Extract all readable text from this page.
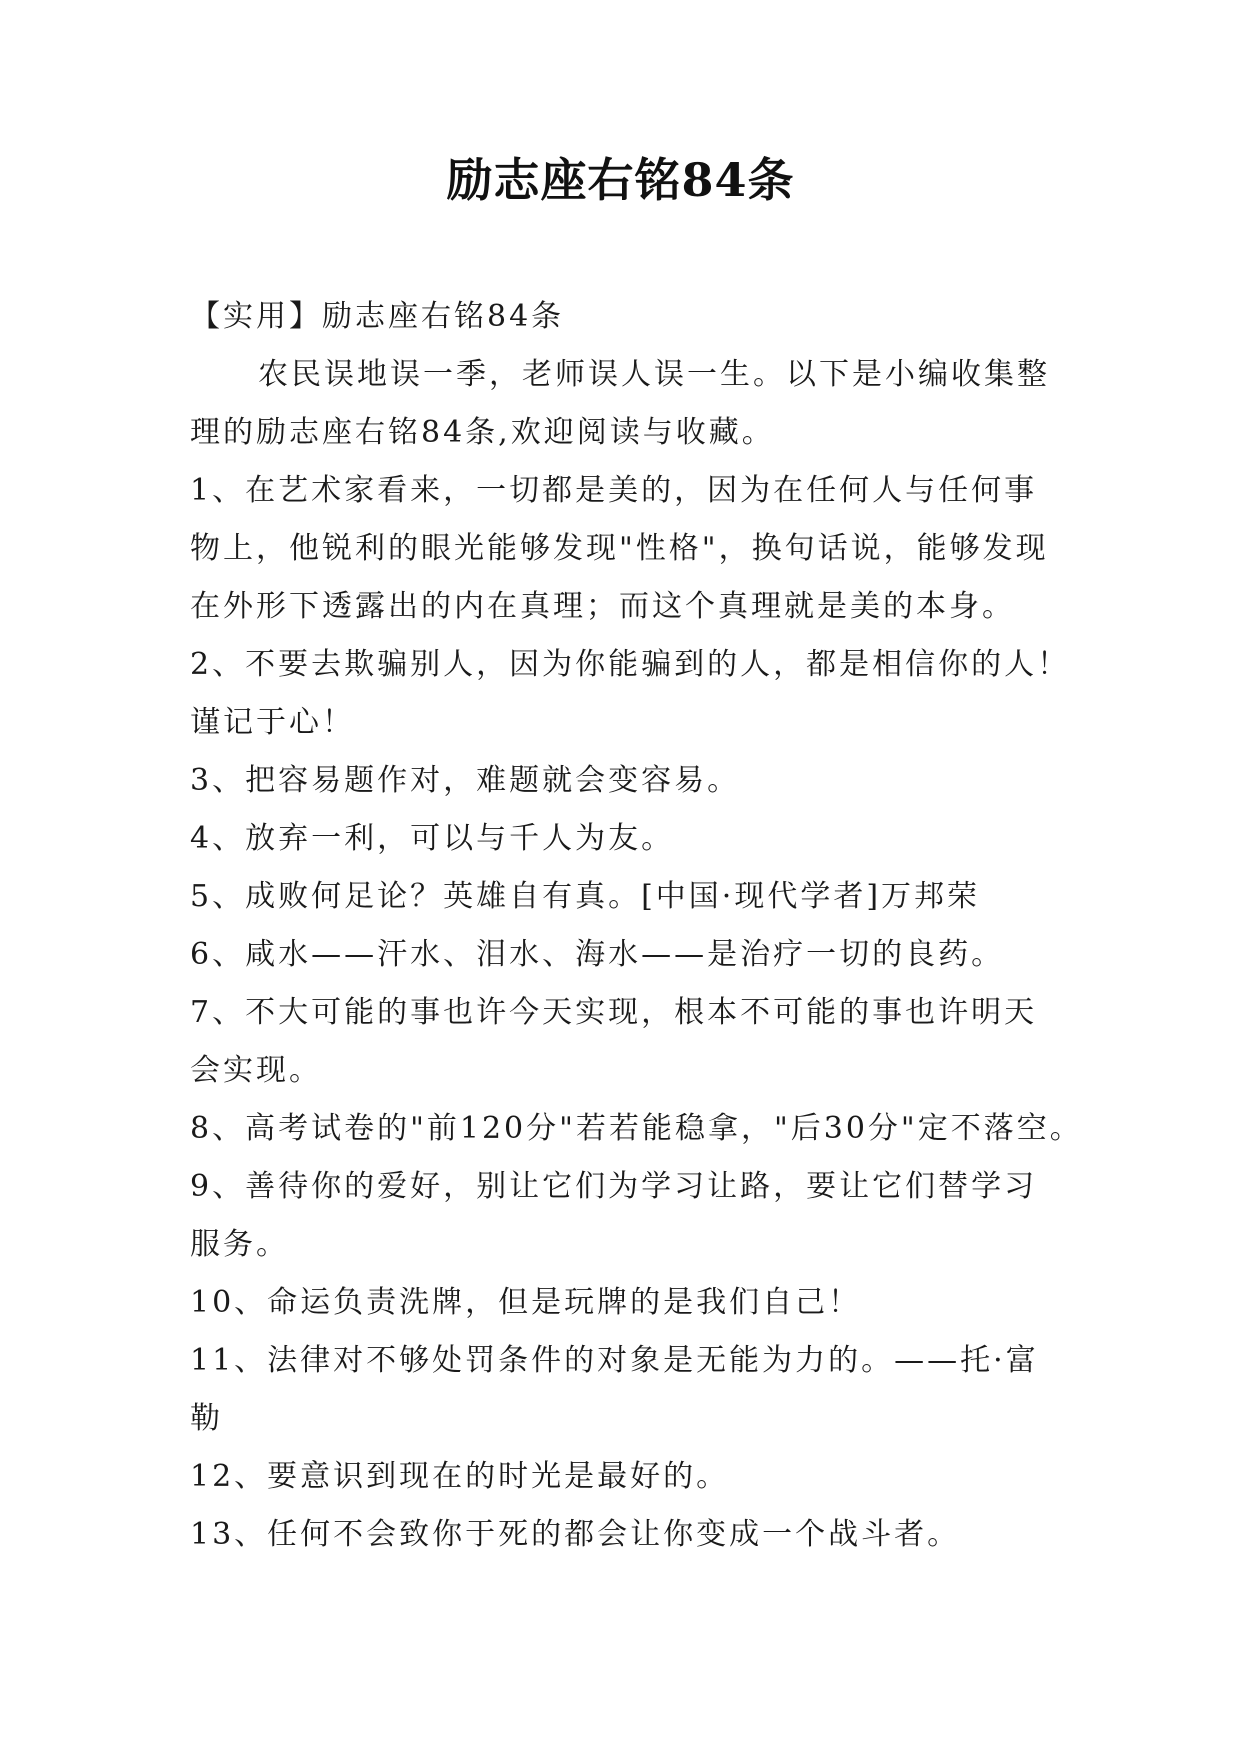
励志座右铭84条
【实用】励志座右铭84条
农民误地误一季，老师误人误一生。以下是小编收集整
理的励志座右铭84条,欢迎阅读与收藏。
1、在艺术家看来，一切都是美的，因为在任何人与任何事
物上，他锐利的眼光能够发现"性格"，换句话说，能够发现
在外形下透露出的内在真理；而这个真理就是美的本身。
2、不要去欺骗别人，因为你能骗到的人，都是相信你的人！
谨记于心！
3、把容易题作对，难题就会变容易。
4、放弃一利，可以与千人为友。
5、成败何足论？英雄自有真。[中国·现代学者]万邦荣
6、咸水——汗水、泪水、海水——是治疗一切的良药。
7、不大可能的事也许今天实现，根本不可能的事也许明天
会实现。
8、高考试卷的"前120分"若若能稳拿，"后30分"定不落空。
9、善待你的爱好，别让它们为学习让路，要让它们替学习
服务。
10、命运负责洗牌，但是玩牌的是我们自己！
11、法律对不够处罚条件的对象是无能为力的。——托·富
勒
12、要意识到现在的时光是最好的。
13、任何不会致你于死的都会让你变成一个战斗者。
